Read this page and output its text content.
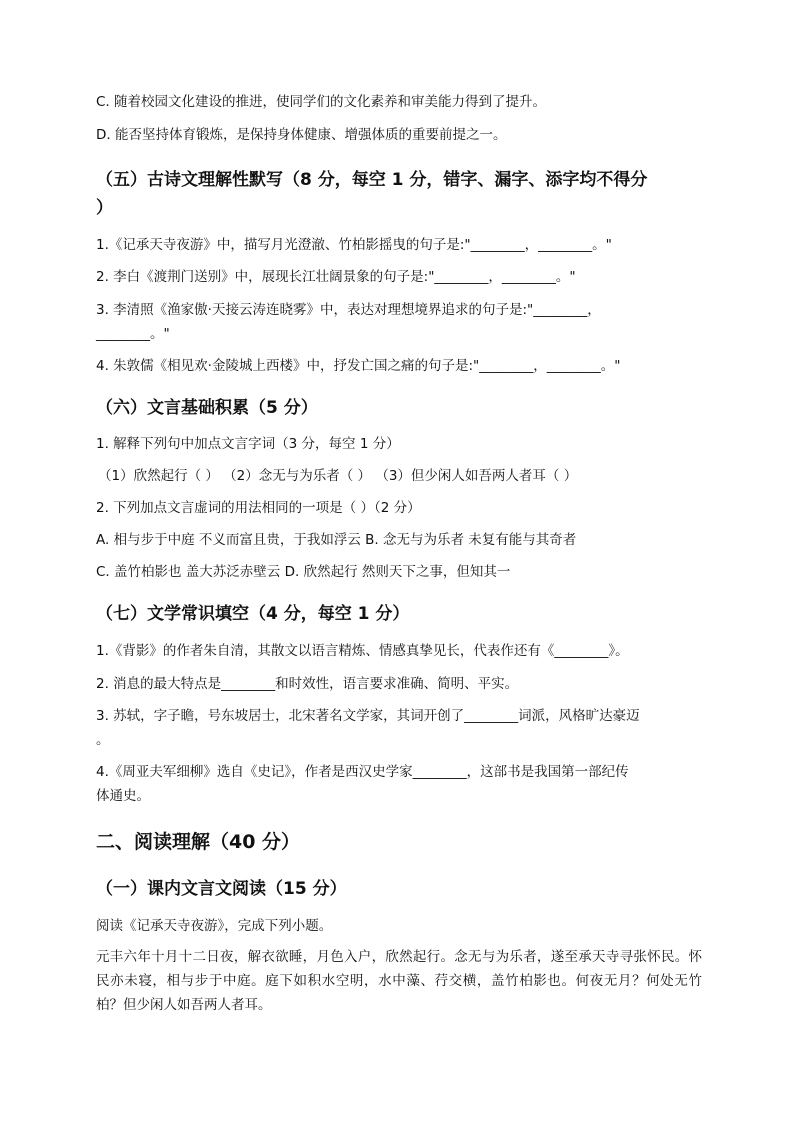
C. 随着校园文化建设的推进，使同学们的文化素养和审美能力得到了提升。
D. 能否坚持体育锻炼，是保持身体健康、增强体质的重要前提之一。
（五）古诗文理解性默写（8 分，每空 1 分，错字、漏字、添字均不得分
）
1.《记承天寺夜游》中，描写月光澄澈、竹柏影摇曳的句子是:"________，________。"
2. 李白《渡荆门送别》中，展现长江壮阔景象的句子是:"________，________。"
3. 李清照《渔家傲·天接云涛连晓雾》中，表达对理想境界追求的句子是:"________，
________。"
4. 朱敦儒《相见欢·金陵城上西楼》中，抒发亡国之痛的句子是:"________，________。"
（六）文言基础积累（5 分）
1. 解释下列句中加点文言字词（3 分，每空 1 分）
（1）欣然起行（ ） （2）念无与为乐者（ ） （3）但少闲人如吾两人者耳（ ）
2. 下列加点文言虚词的用法相同的一项是（ ）（2 分）
A. 相与步于中庭 不义而富且贵，于我如浮云 B. 念无与为乐者 未复有能与其奇者
C. 盖竹柏影也 盖大苏泛赤壁云 D. 欣然起行 然则天下之事，但知其一
（七）文学常识填空（4 分，每空 1 分）
1.《背影》的作者朱自清，其散文以语言精炼、情感真挚见长，代表作还有《________》。
2. 消息的最大特点是________和时效性，语言要求准确、简明、平实。
3. 苏轼，字子瞻，号东坡居士，北宋著名文学家，其词开创了________词派，风格旷达豪迈
。
4.《周亚夫军细柳》选自《史记》，作者是西汉史学家________，这部书是我国第一部纪传
体通史。
二、阅读理解（40 分）
（一）课内文言文阅读（15 分）
阅读《记承天寺夜游》，完成下列小题。
元丰六年十月十二日夜，解衣欲睡，月色入户，欣然起行。念无与为乐者，遂至承天寺寻张怀民。怀民亦未寝，相与步于中庭。庭下如积水空明，水中藻、荇交横，盖竹柏影也。何夜无月？何处无竹柏？但少闲人如吾两人者耳。
